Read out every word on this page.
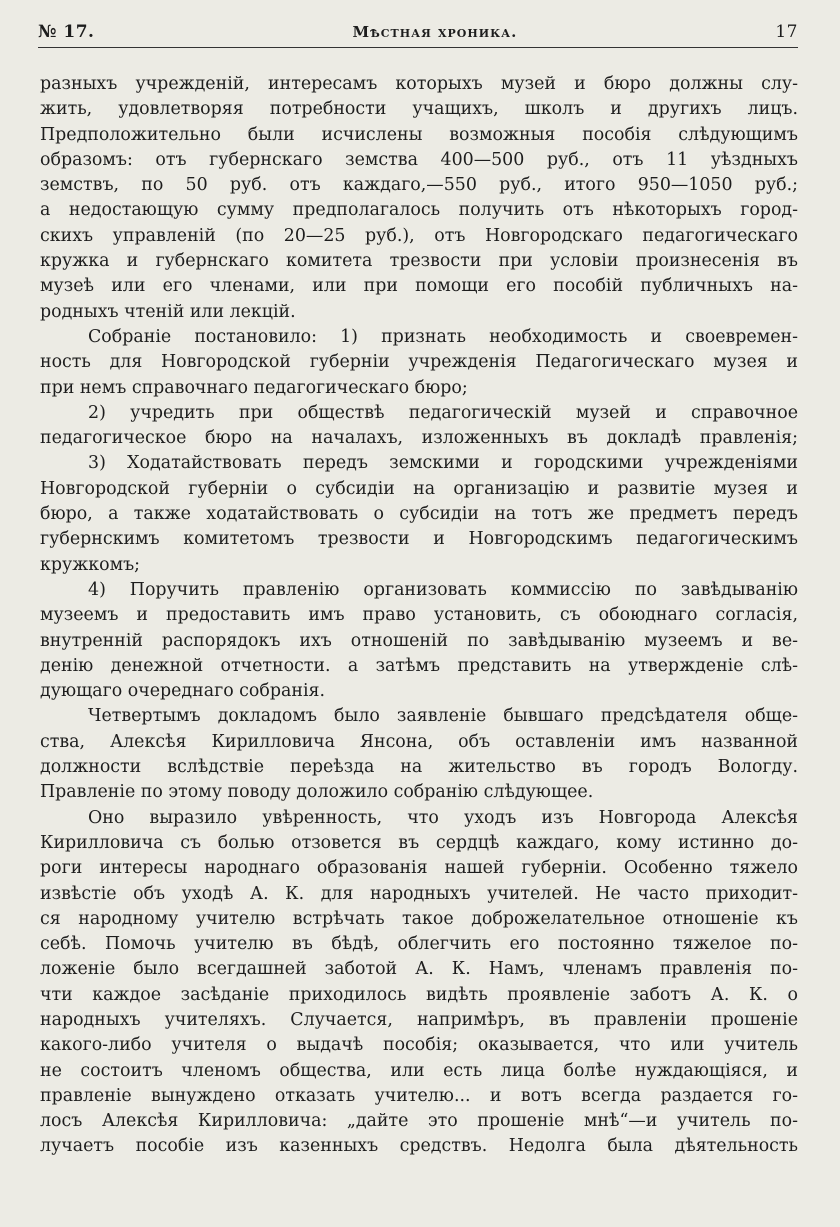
№ 17.	Мѣстная хроника.	17
разныхъ учрежденій, интересамъ которыхъ музей и бюро должны слу-
жить, удовлетворяя потребности учащихъ, школъ и другихъ лицъ.
Предположительно были исчислены возможныя пособія слѣдующимъ
образомъ: отъ губернскаго земства 400—500 руб., отъ 11 уѣздныхъ
земствъ, по 50 руб. отъ каждаго,—550 руб., итого 950—1050 руб.;
а недостающую сумму предполагалось получить отъ нѣкоторыхъ город-
скихъ управленій (по 20—25 руб.), отъ Новгородскаго педагогическаго
кружка и губернскаго комитета трезвости при условіи произнесенія въ
музеѣ или его членами, или при помощи его пособій публичныхъ на-
родныхъ чтеній или лекцій.
Собраніе постановило: 1) признать необходимость и своевремен-
ность для Новгородской губерніи учрежденія Педагогическаго музея и
при немъ справочнаго педагогическаго бюро;
2) учредить при обществѣ педагогическій музей и справочное
педагогическое бюро на началахъ, изложенныхъ въ докладѣ правленія;
3) Ходатайствовать передъ земскими и городскими учрежденіями
Новгородской губерніи о субсидіи на организацію и развитіе музея и
бюро, а также ходатайствовать о субсидіи на тотъ же предметъ передъ
губернскимъ комитетомъ трезвости и Новгородскимъ педагогическимъ
кружкомъ;
4) Поручить правленію организовать коммиссію по завѣдыванію
музеемъ и предоставить имъ право установить, съ обоюднаго согласія,
внутренній распорядокъ ихъ отношеній по завѣдыванію музеемъ и ве-
денію денежной отчетности. а затѣмъ представить на утвержденіе слѣ-
дующаго очереднаго собранія.
Четвертымъ докладомъ было заявленіе бывшаго предсѣдателя обще-
ства, Алексѣя Кирилловича Янсона, объ оставленіи имъ названной
должности вслѣдствіе переѣзда на жительство въ городъ Вологду.
Правленіе по этому поводу доложило собранію слѣдующее.
Оно выразило увѣренность, что уходъ изъ Новгорода Алексѣя
Кирилловича съ болью отзовется въ сердцѣ каждаго, кому истинно до-
роги интересы народнаго образованія нашей губерніи. Особенно тяжело
извѣстіе объ уходѣ А. К. для народныхъ учителей. Не часто приходит-
ся народному учителю встрѣчать такое доброжелательное отношеніе къ
себѣ. Помочь учителю въ бѣдѣ, облегчить его постоянно тяжелое по-
ложеніе было всегдашней заботой А. К. Намъ, членамъ правленія по-
чти каждое засѣданіе приходилось видѣть проявленіе заботъ А. К. о
народныхъ учителяхъ. Случается, напримѣръ, въ правленіи прошеніе
какого-либо учителя о выдачѣ пособія; оказывается, что или учитель
не состоитъ членомъ общества, или есть лица болѣе нуждающіяся, и
правленіе вынуждено отказать учителю... и вотъ всегда раздается го-
лосъ Алексѣя Кирилловича: „дайте это прошеніе мнѣ“—и учитель по-
лучаетъ пособіе изъ казенныхъ средствъ. Недолга была дѣятельность
